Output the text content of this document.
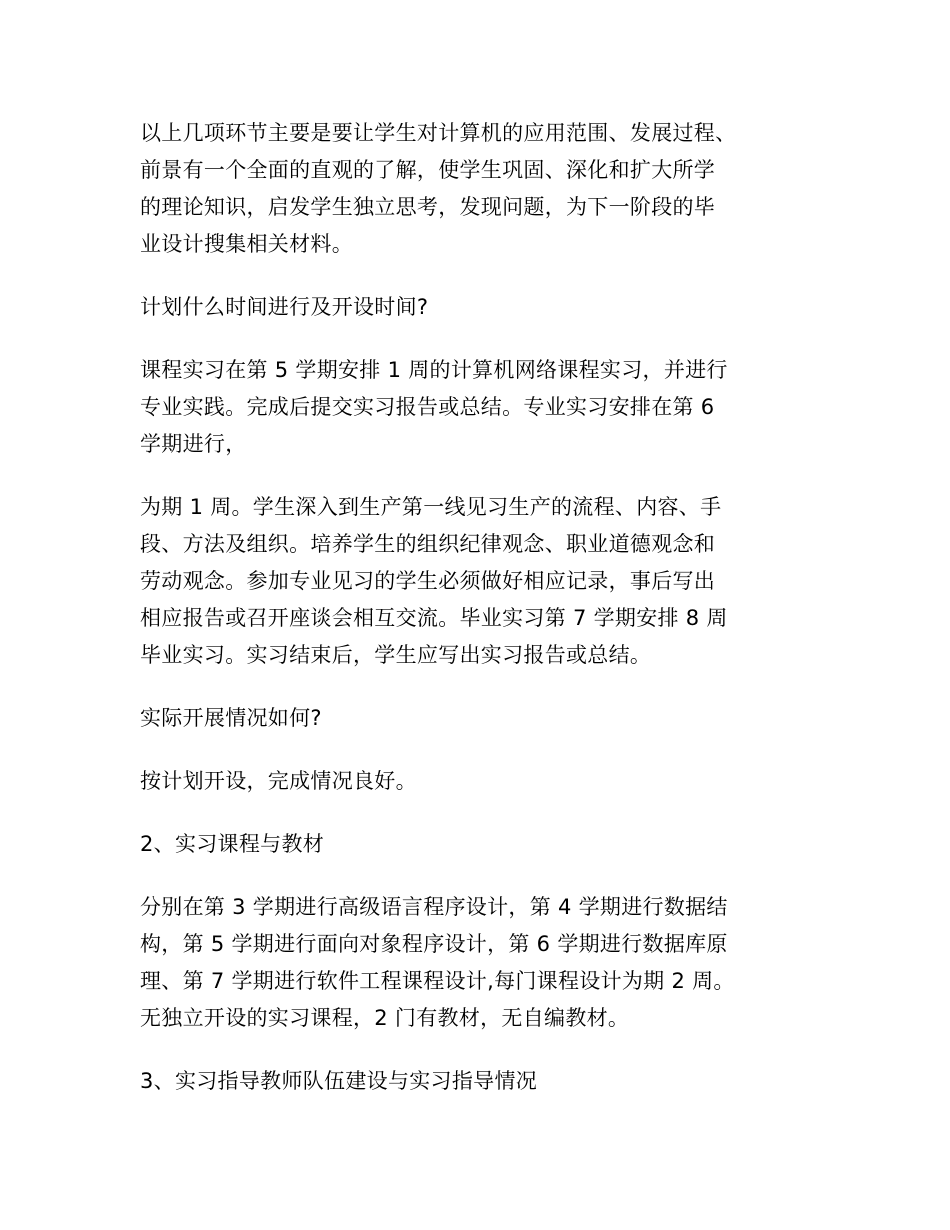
以上几项环节主要是要让学生对计算机的应用范围、发展过程、
前景有一个全面的直观的了解，使学生巩固、深化和扩大所学
的理论知识，启发学生独立思考，发现问题，为下一阶段的毕
业设计搜集相关材料。

计划什么时间进行及开设时间?

课程实习在第 5 学期安排 1 周的计算机网络课程实习，并进行
专业实践。完成后提交实习报告或总结。专业实习安排在第 6
学期进行，

为期 1 周。学生深入到生产第一线见习生产的流程、内容、手
段、方法及组织。培养学生的组织纪律观念、职业道德观念和
劳动观念。参加专业见习的学生必须做好相应记录，事后写出
相应报告或召开座谈会相互交流。毕业实习第 7 学期安排 8 周
毕业实习。实习结束后，学生应写出实习报告或总结。

实际开展情况如何?

按计划开设，完成情况良好。

2、实习课程与教材

分别在第 3 学期进行高级语言程序设计，第 4 学期进行数据结
构，第 5 学期进行面向对象程序设计，第 6 学期进行数据库原
理、第 7 学期进行软件工程课程设计,每门课程设计为期 2 周。
无独立开设的实习课程，2 门有教材，无自编教材。

3、实习指导教师队伍建设与实习指导情况
